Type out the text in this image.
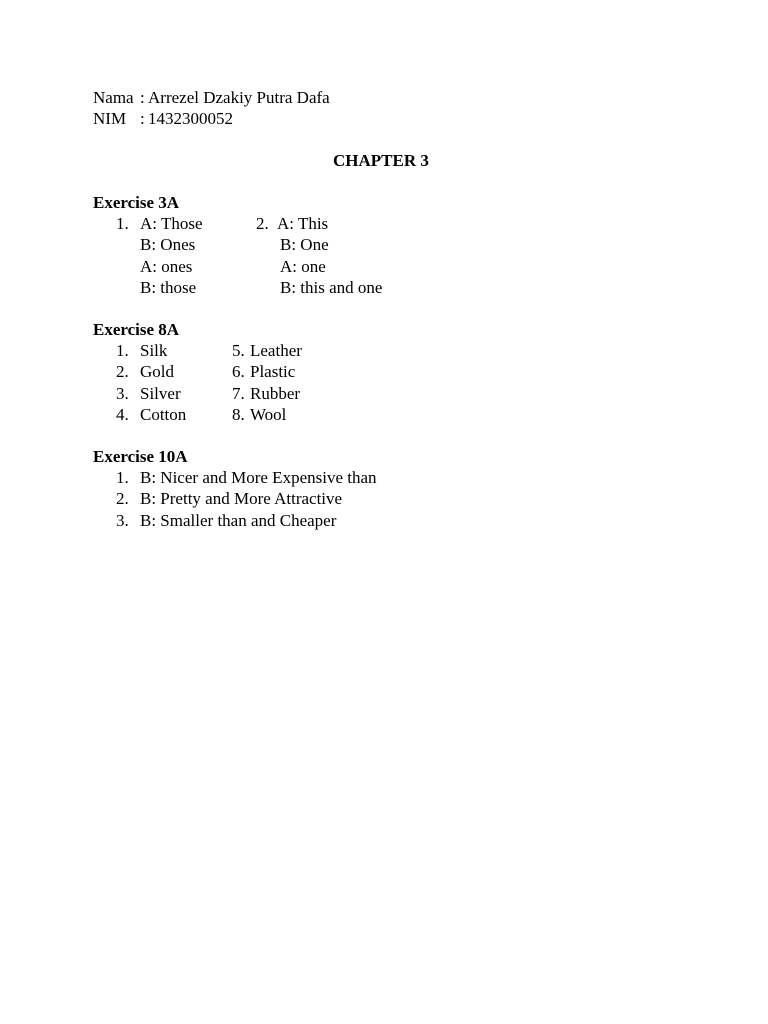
Nama : Arrezel Dzakiy Putra Dafa
NIM : 1432300052
CHAPTER 3
Exercise 3A
1. A: Those
B: Ones
A: ones
B: those
2. A: This
B: One
A: one
B: this and one
Exercise 8A
1. Silk
2. Gold
3. Silver
4. Cotton
5. Leather
6. Plastic
7. Rubber
8. Wool
Exercise 10A
1. B: Nicer and More Expensive than
2. B: Pretty and More Attractive
3. B: Smaller than and Cheaper
